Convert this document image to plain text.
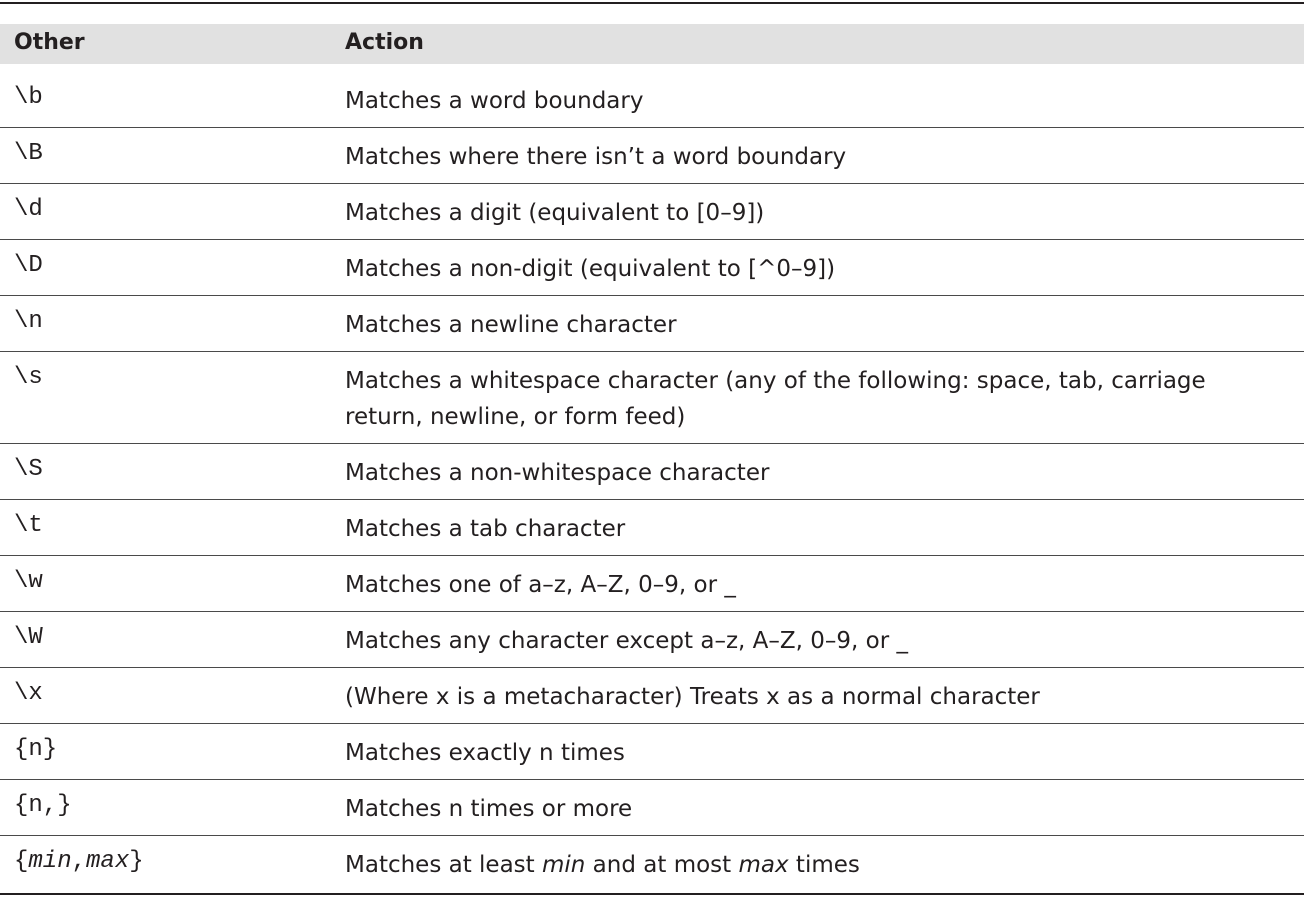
Other	Action
\b	Matches a word boundary
\B	Matches where there isn’t a word boundary
\d	Matches a digit (equivalent to [0–9])
\D	Matches a non-digit (equivalent to [^0–9])
\n	Matches a newline character
\s	Matches a whitespace character (any of the following: space, tab, carriage return, newline, or form feed)
\S	Matches a non-whitespace character
\t	Matches a tab character
\w	Matches one of a–z, A–Z, 0–9, or _
\W	Matches any character except a–z, A–Z, 0–9, or _
\x	(Where x is a metacharacter) Treats x as a normal character
{n}	Matches exactly n times
{n,}	Matches n times or more
{min,max}	Matches at least min and at most max times
